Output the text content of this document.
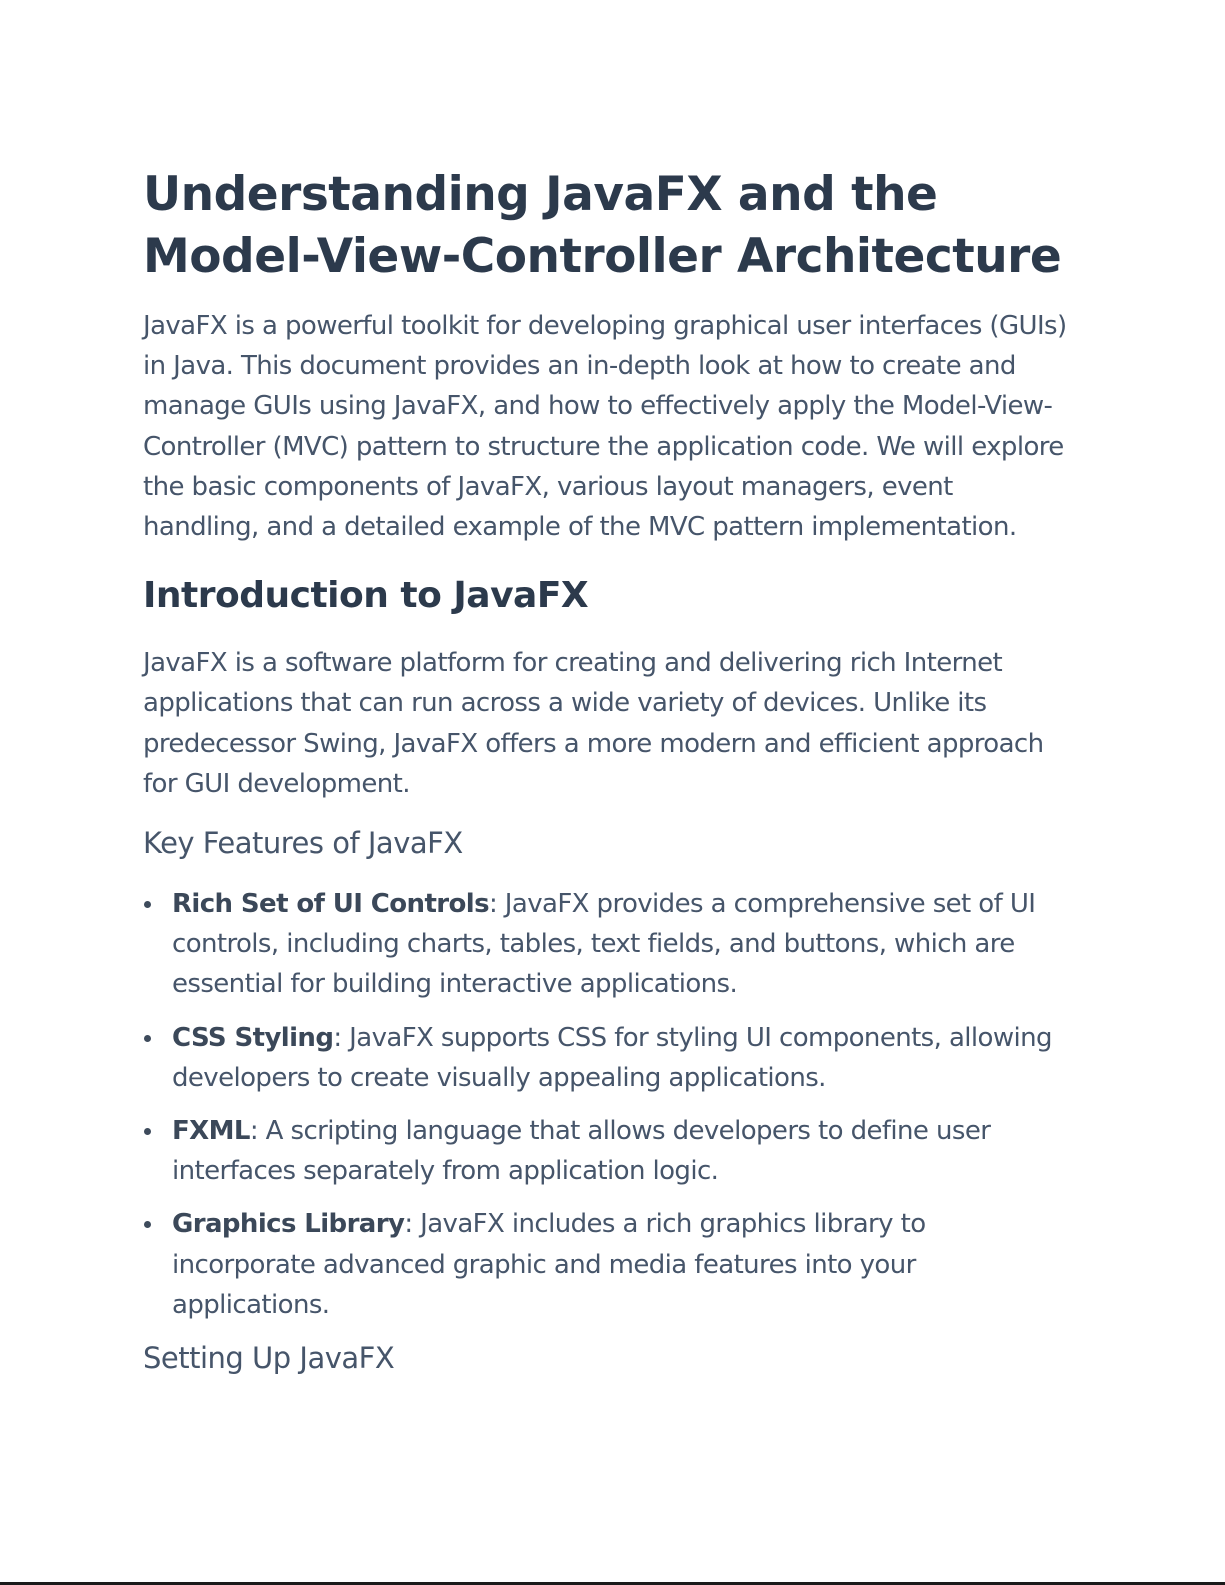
Understanding JavaFX and the Model-View-Controller Architecture

JavaFX is a powerful toolkit for developing graphical user interfaces (GUIs) in Java. This document provides an in-depth look at how to create and manage GUIs using JavaFX, and how to effectively apply the Model-View-Controller (MVC) pattern to structure the application code. We will explore the basic components of JavaFX, various layout managers, event handling, and a detailed example of the MVC pattern implementation.

Introduction to JavaFX

JavaFX is a software platform for creating and delivering rich Internet applications that can run across a wide variety of devices. Unlike its predecessor Swing, JavaFX offers a more modern and efficient approach for GUI development.

Key Features of JavaFX
Rich Set of UI Controls: JavaFX provides a comprehensive set of UI controls, including charts, tables, text fields, and buttons, which are essential for building interactive applications.
CSS Styling: JavaFX supports CSS for styling UI components, allowing developers to create visually appealing applications.
FXML: A scripting language that allows developers to define user interfaces separately from application logic.
Graphics Library: JavaFX includes a rich graphics library to incorporate advanced graphic and media features into your applications.
Setting Up JavaFX
